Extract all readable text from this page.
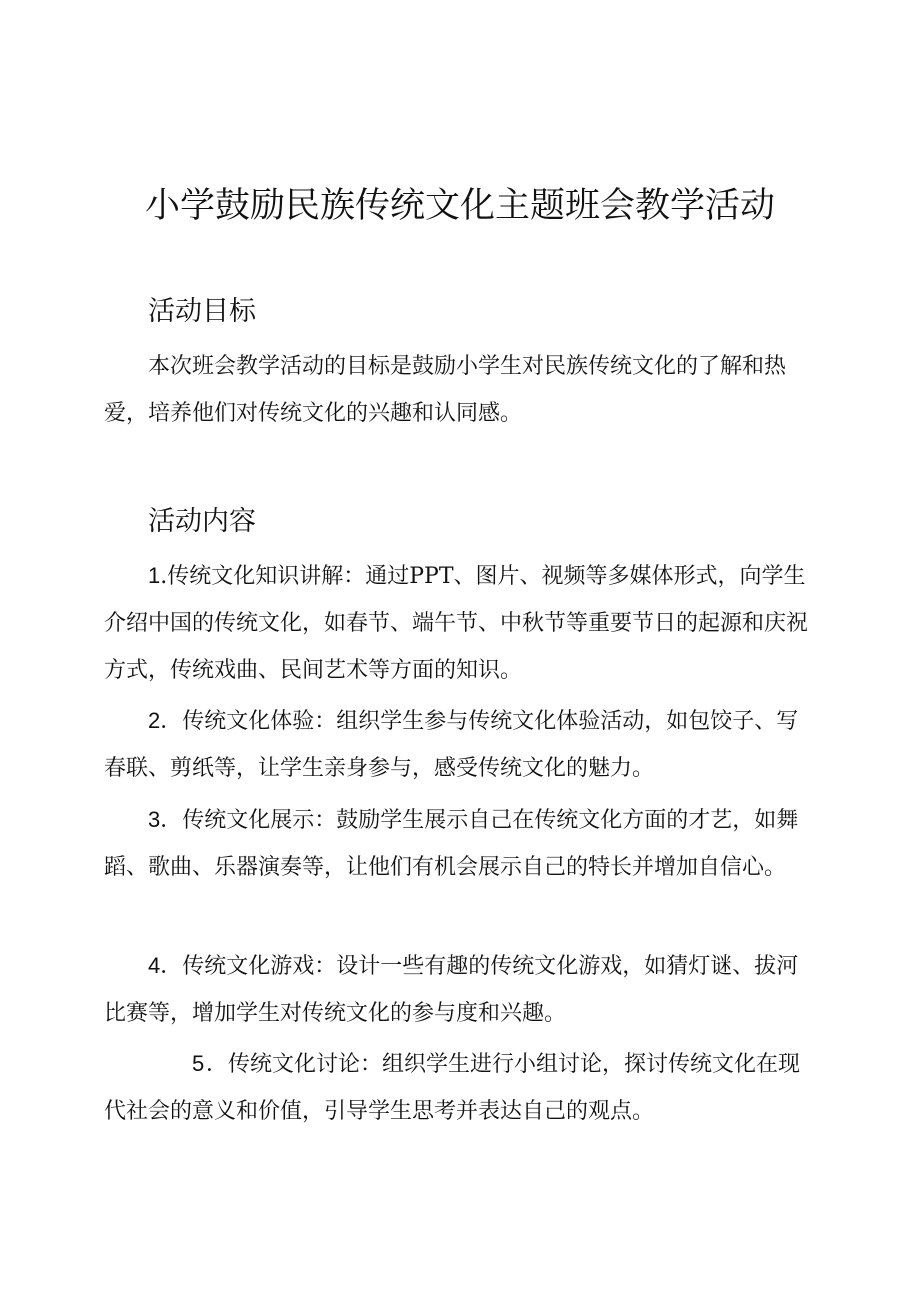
小学鼓励民族传统文化主题班会教学活动
活动目标

本次班会教学活动的目标是鼓励小学生对民族传统文化的了解和热爱，培养他们对传统文化的兴趣和认同感。

活动内容

1.传统文化知识讲解：通过PPT、图片、视频等多媒体形式，向学生介绍中国的传统文化，如春节、端午节、中秋节等重要节日的起源和庆祝方式，传统戏曲、民间艺术等方面的知识。

2．传统文化体验：组织学生参与传统文化体验活动，如包饺子、写春联、剪纸等，让学生亲身参与，感受传统文化的魅力。

3．传统文化展示：鼓励学生展示自己在传统文化方面的才艺，如舞蹈、歌曲、乐器演奏等，让他们有机会展示自己的特长并增加自信心。

4．传统文化游戏：设计一些有趣的传统文化游戏，如猜灯谜、拔河比赛等，增加学生对传统文化的参与度和兴趣。

5．传统文化讨论：组织学生进行小组讨论，探讨传统文化在现代社会的意义和价值，引导学生思考并表达自己的观点。
